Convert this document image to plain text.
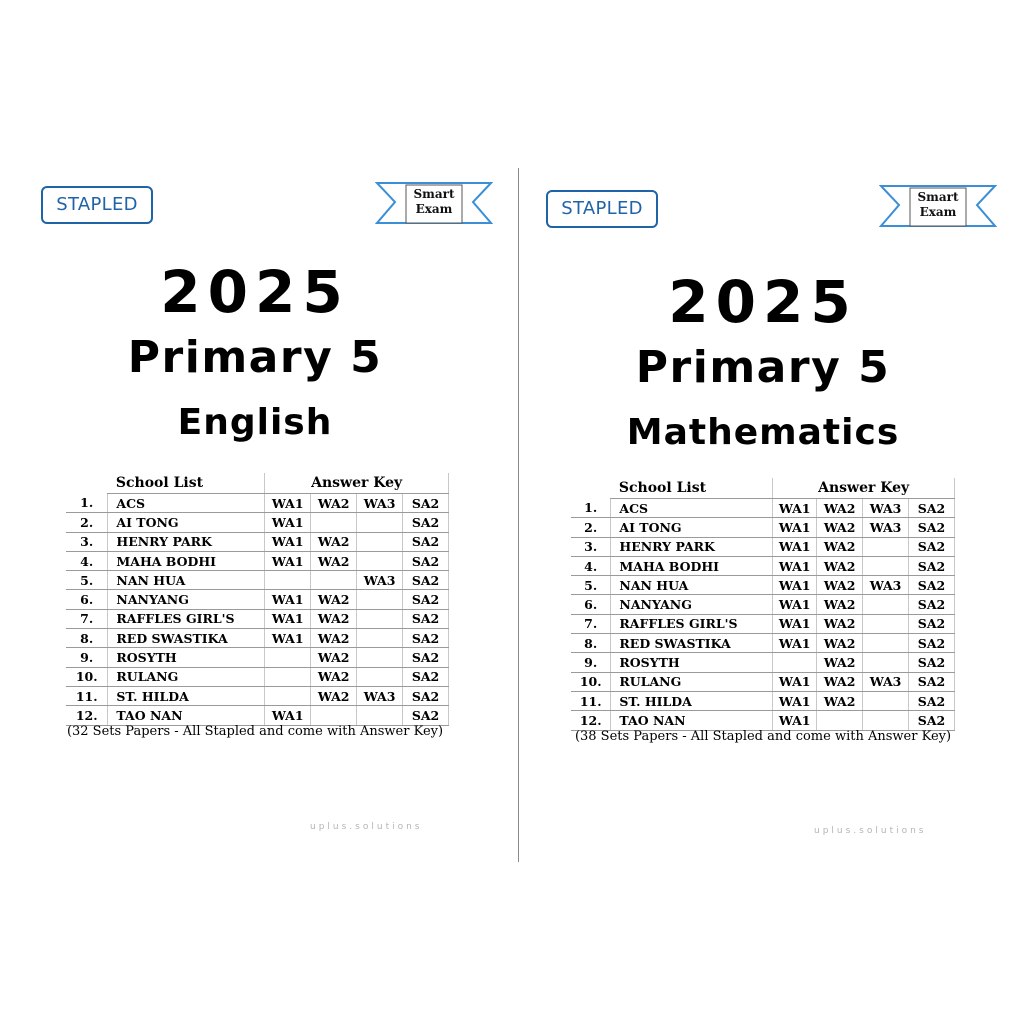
STAPLED	Smart
Exam
2025
Primary 5
English
	School List	Answer Key			
1.	ACS	WA1	WA2	WA3	SA2
2.	AI TONG	WA1			SA2
3.	HENRY PARK	WA1	WA2		SA2
4.	MAHA BODHI	WA1	WA2		SA2
5.	NAN HUA			WA3	SA2
6.	NANYANG	WA1	WA2		SA2
7.	RAFFLES GIRL'S	WA1	WA2		SA2
8.	RED SWASTIKA	WA1	WA2		SA2
9.	ROSYTH		WA2		SA2
10.	RULANG		WA2		SA2
11.	ST. HILDA		WA2	WA3	SA2
12.	TAO NAN	WA1			SA2
(32 Sets Papers - All Stapled and come with Answer Key)
uplus.solutions
STAPLED
Smart
Exam
2025
Primary 5
Mathematics
	School List	Answer Key			
1.	ACS	WA1	WA2	WA3	SA2
2.	AI TONG	WA1	WA2	WA3	SA2
3.	HENRY PARK	WA1	WA2		SA2
4.	MAHA BODHI	WA1	WA2		SA2
5.	NAN HUA	WA1	WA2	WA3	SA2
6.	NANYANG	WA1	WA2		SA2
7.	RAFFLES GIRL'S	WA1	WA2		SA2
8.	RED SWASTIKA	WA1	WA2		SA2
9.	ROSYTH		WA2		SA2
10.	RULANG	WA1	WA2	WA3	SA2
11.	ST. HILDA	WA1	WA2		SA2
12.	TAO NAN	WA1			SA2
(38 Sets Papers - All Stapled and come with Answer Key)
uplus.solutions
